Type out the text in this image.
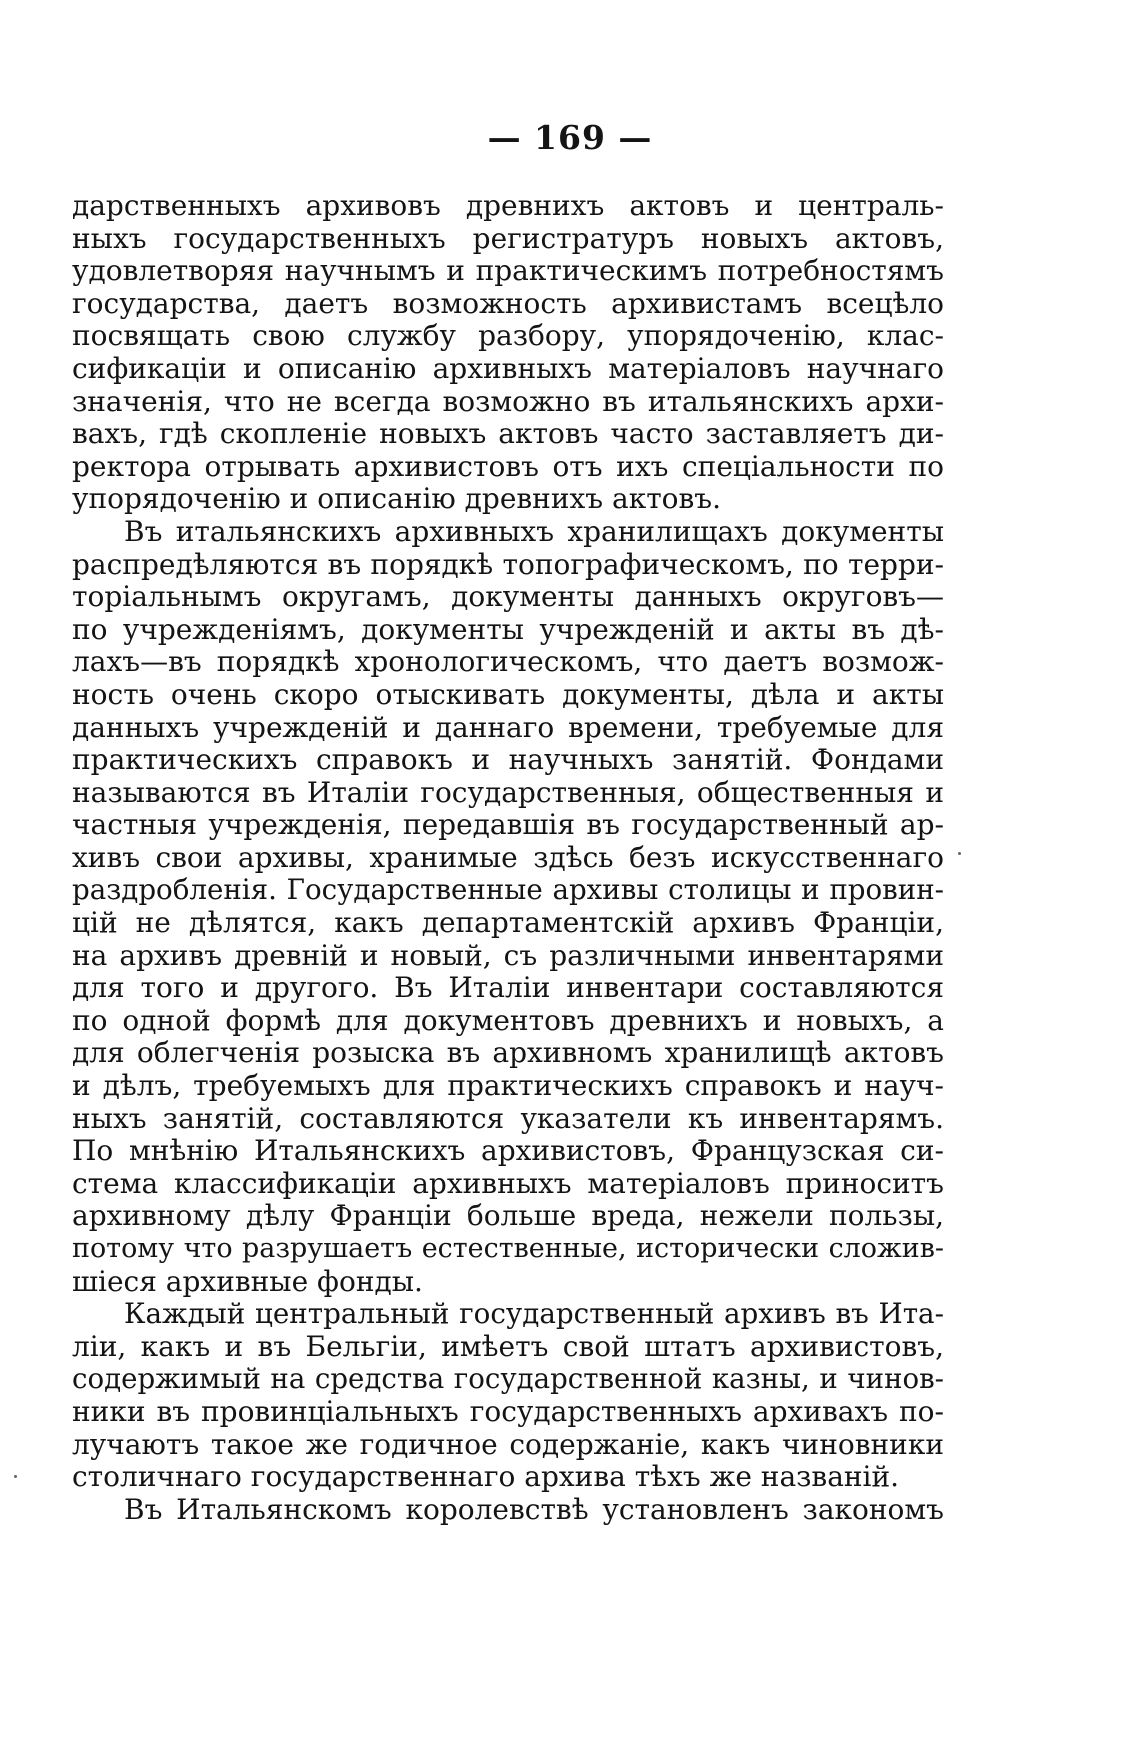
— 169 —
дарственныхъ архивовъ древнихъ актовъ и централь-
ныхъ государственныхъ регистратуръ новыхъ актовъ,
удовлетворяя научнымъ и практическимъ потребностямъ
государства, даетъ возможность архивистамъ всецѣло
посвящать свою службу разбору, упорядоченію, клас-
сификаціи и описанію архивныхъ матеріаловъ научнаго
значенія, что не всегда возможно въ итальянскихъ архи-
вахъ, гдѣ скопленіе новыхъ актовъ часто заставляетъ ди-
ректора отрывать архивистовъ отъ ихъ спеціальности по
упорядоченію и описанію древнихъ актовъ.
Въ итальянскихъ архивныхъ хранилищахъ документы
распредѣляются въ порядкѣ топографическомъ, по терри-
торіальнымъ округамъ, документы данныхъ округовъ—
по учрежденіямъ, документы учрежденій и акты въ дѣ-
лахъ—въ порядкѣ хронологическомъ, что даетъ возмож-
ность очень скоро отыскивать документы, дѣла и акты
данныхъ учрежденій и даннаго времени, требуемые для
практическихъ справокъ и научныхъ занятій. Фондами
называются въ Италіи государственныя, общественныя и
частныя учрежденія, передавшія въ государственный ар-
хивъ свои архивы, хранимые здѣсь безъ искусственнаго
раздробленія. Государственные архивы столицы и провин-
цій не дѣлятся, какъ департаментскій архивъ Франціи,
на архивъ древній и новый, съ различными инвентарями
для того и другого. Въ Италіи инвентари составляются
по одной формѣ для документовъ древнихъ и новыхъ, а
для облегченія розыска въ архивномъ хранилищѣ актовъ
и дѣлъ, требуемыхъ для практическихъ справокъ и науч-
ныхъ занятій, составляются указатели къ инвентарямъ.
По мнѣнію Итальянскихъ архивистовъ, Французская си-
стема классификаціи архивныхъ матеріаловъ приноситъ
архивному дѣлу Франціи больше вреда, нежели пользы,
потому что разрушаетъ естественные, исторически сложив-
шіеся архивные фонды.
Каждый центральный государственный архивъ въ Ита-
ліи, какъ и въ Бельгіи, имѣетъ свой штатъ архивистовъ,
содержимый на средства государственной казны, и чинов-
ники въ провинціальныхъ государственныхъ архивахъ по-
лучаютъ такое же годичное содержаніе, какъ чиновники
столичнаго государственнаго архива тѣхъ же названій.
Въ Итальянскомъ королевствѣ установленъ закономъ
